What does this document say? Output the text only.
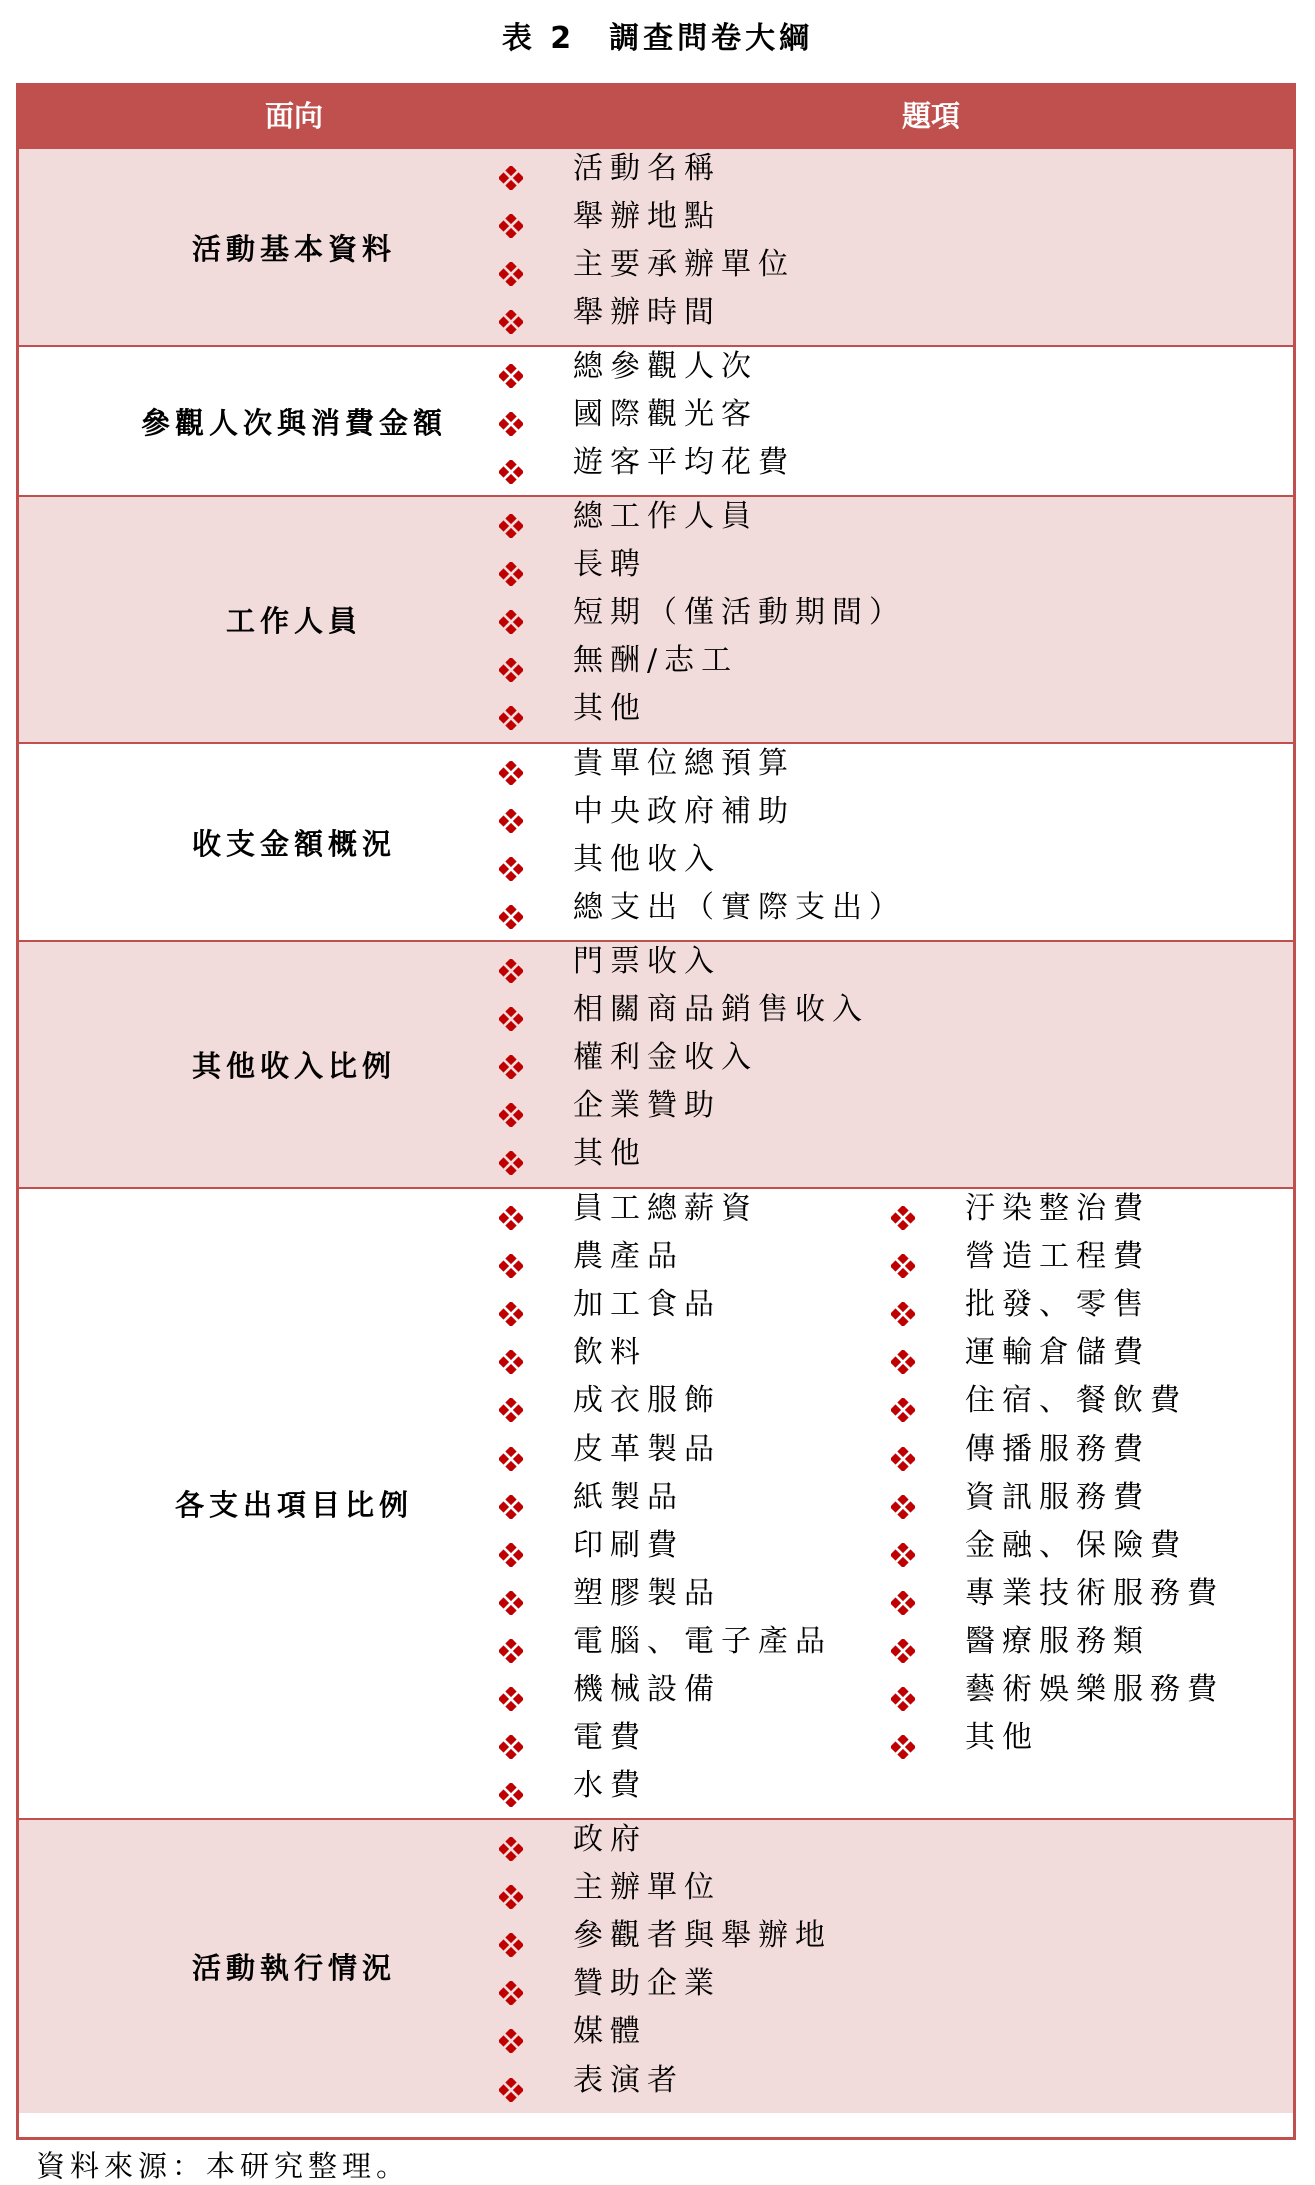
表 2　調查問卷大綱
面向	題項
活動基本資料
活動名稱
舉辦地點
主要承辦單位
舉辦時間
參觀人次與消費金額
總參觀人次
國際觀光客
遊客平均花費
工作人員
總工作人員
長聘
短期（僅活動期間）
無酬/志工
其他
收支金額概況
貴單位總預算
中央政府補助
其他收入
總支出（實際支出）
其他收入比例
門票收入
相關商品銷售收入
權利金收入
企業贊助
其他
各支出項目比例
員工總薪資
農產品
加工食品
飲料
成衣服飾
皮革製品
紙製品
印刷費
塑膠製品
電腦、電子產品
機械設備
電費
水費
汙染整治費
營造工程費
批發、零售
運輸倉儲費
住宿、餐飲費
傳播服務費
資訊服務費
金融、保險費
專業技術服務費
醫療服務類
藝術娛樂服務費
其他
活動執行情況
政府
主辦單位
參觀者與舉辦地
贊助企業
媒體
表演者
資料來源：本研究整理。
